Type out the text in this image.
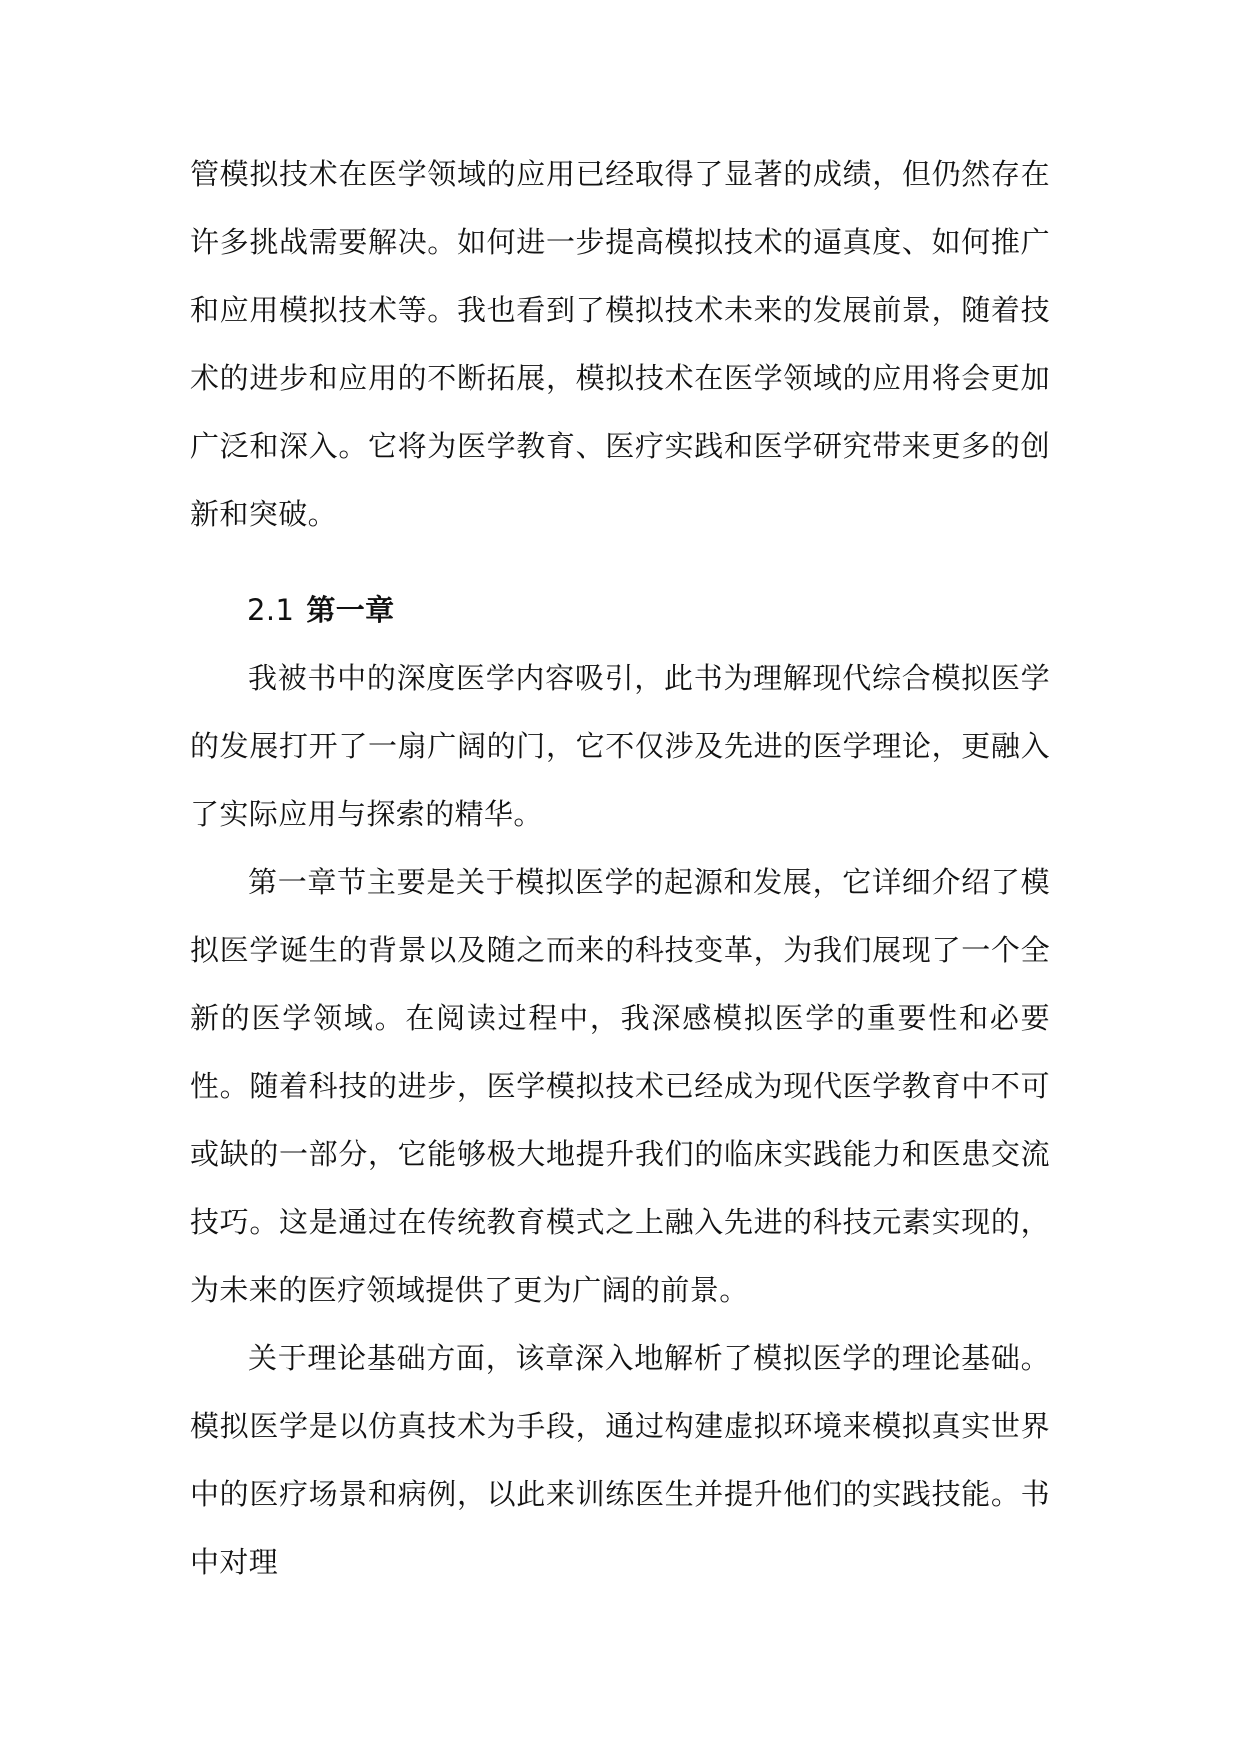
管模拟技术在医学领域的应用已经取得了显著的成绩，但仍然存在许多挑战需要解决。如何进一步提高模拟技术的逼真度、如何推广和应用模拟技术等。我也看到了模拟技术未来的发展前景，随着技术的进步和应用的不断拓展，模拟技术在医学领域的应用将会更加广泛和深入。它将为医学教育、医疗实践和医学研究带来更多的创新和突破。

2.1 第一章

我被书中的深度医学内容吸引，此书为理解现代综合模拟医学的发展打开了一扇广阔的门，它不仅涉及先进的医学理论，更融入了实际应用与探索的精华。

第一章节主要是关于模拟医学的起源和发展，它详细介绍了模拟医学诞生的背景以及随之而来的科技变革，为我们展现了一个全新的医学领域。在阅读过程中，我深感模拟医学的重要性和必要性。随着科技的进步，医学模拟技术已经成为现代医学教育中不可或缺的一部分，它能够极大地提升我们的临床实践能力和医患交流技巧。这是通过在传统教育模式之上融入先进的科技元素实现的，为未来的医疗领域提供了更为广阔的前景。

关于理论基础方面，该章深入地解析了模拟医学的理论基础。模拟医学是以仿真技术为手段，通过构建虚拟环境来模拟真实世界中的医疗场景和病例，以此来训练医生并提升他们的实践技能。书中对理
